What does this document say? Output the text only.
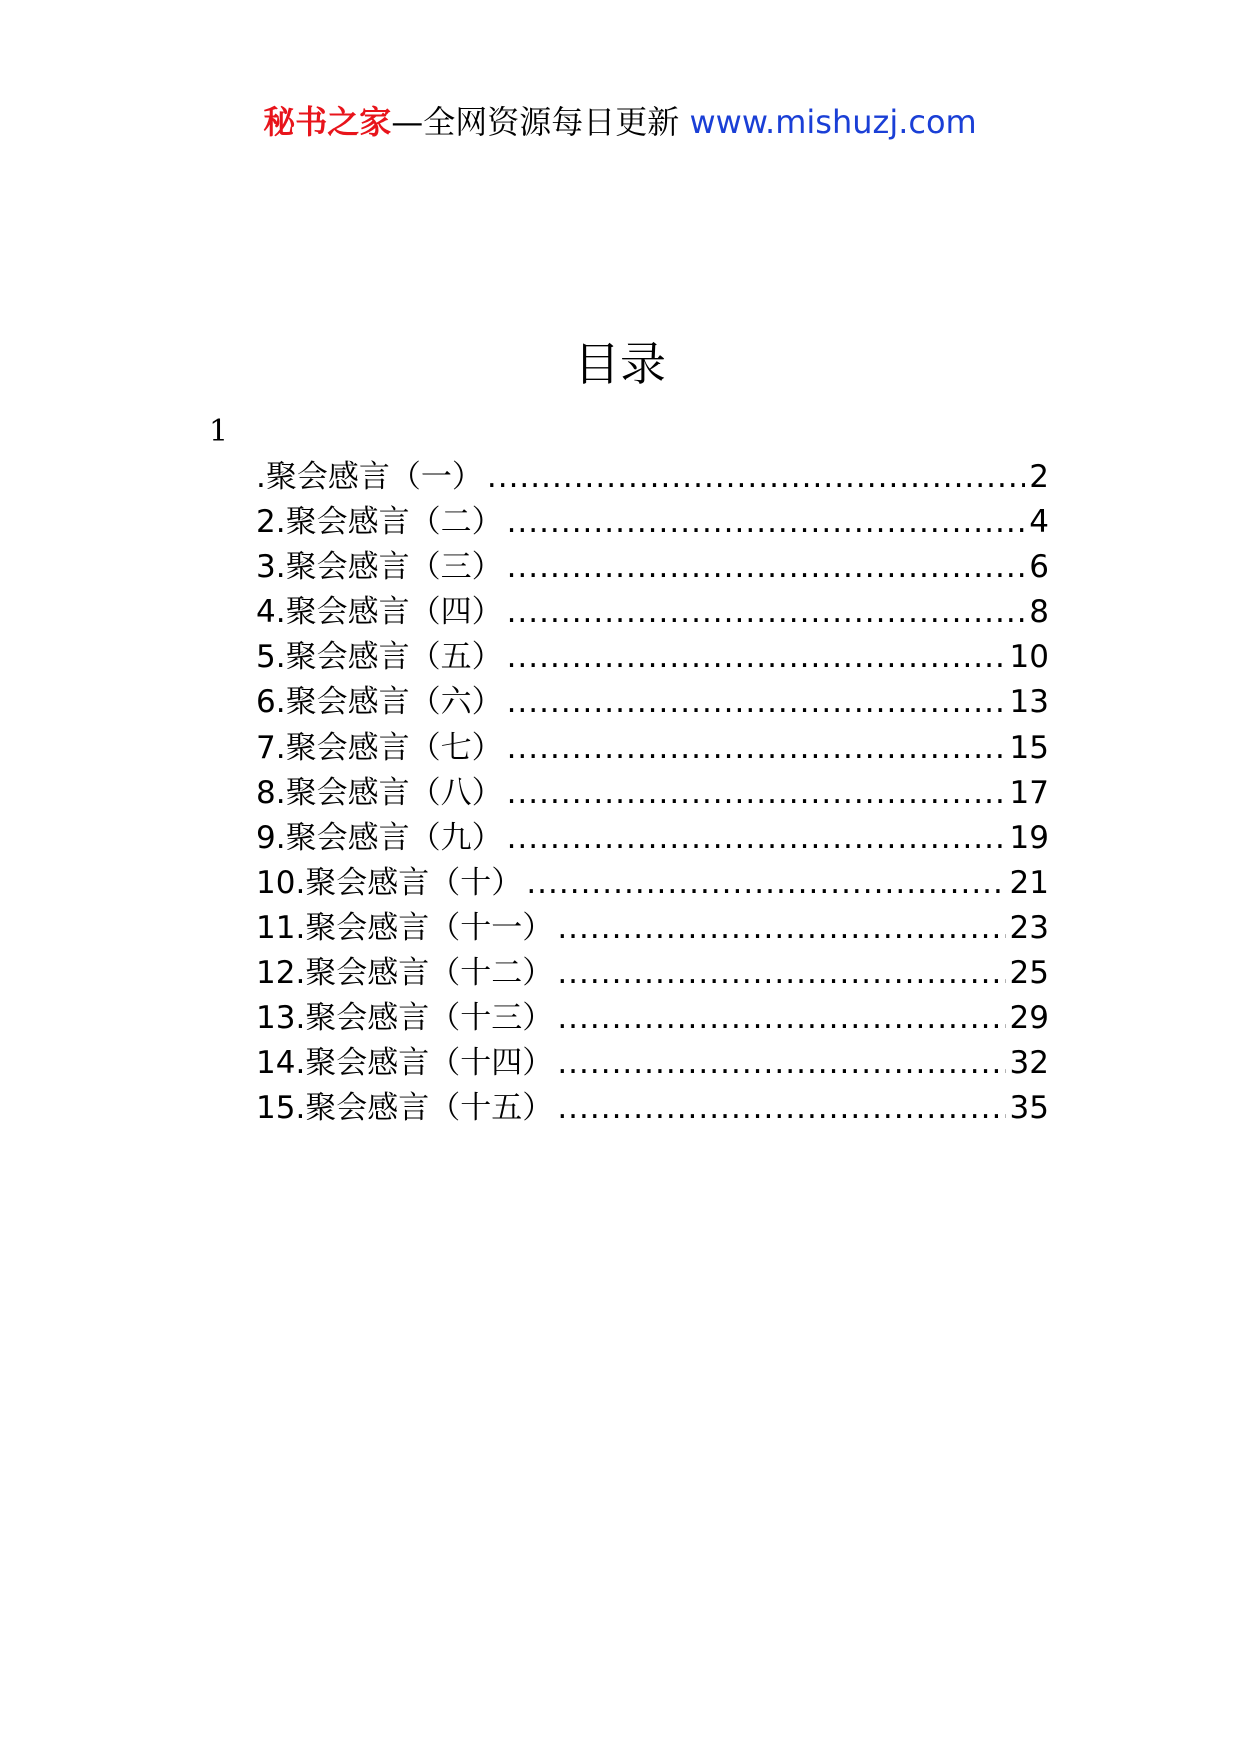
秘书之家—全网资源每日更新 www.mishuzj.com
目录
1
.聚会感言（一） .....	2
2.聚会感言（二） .....	4
3.聚会感言（三） .....	6
4.聚会感言（四） .....	8
5.聚会感言（五） .....	10
6.聚会感言（六） .....	13
7.聚会感言（七） .....	15
8.聚会感言（八） .....	17
9.聚会感言（九） .....	19
10.聚会感言（十） .....	21
11.聚会感言（十一） .....	23
12.聚会感言（十二） .....	25
13.聚会感言（十三） .....	29
14.聚会感言（十四） .....	32
15.聚会感言（十五） .....	35
